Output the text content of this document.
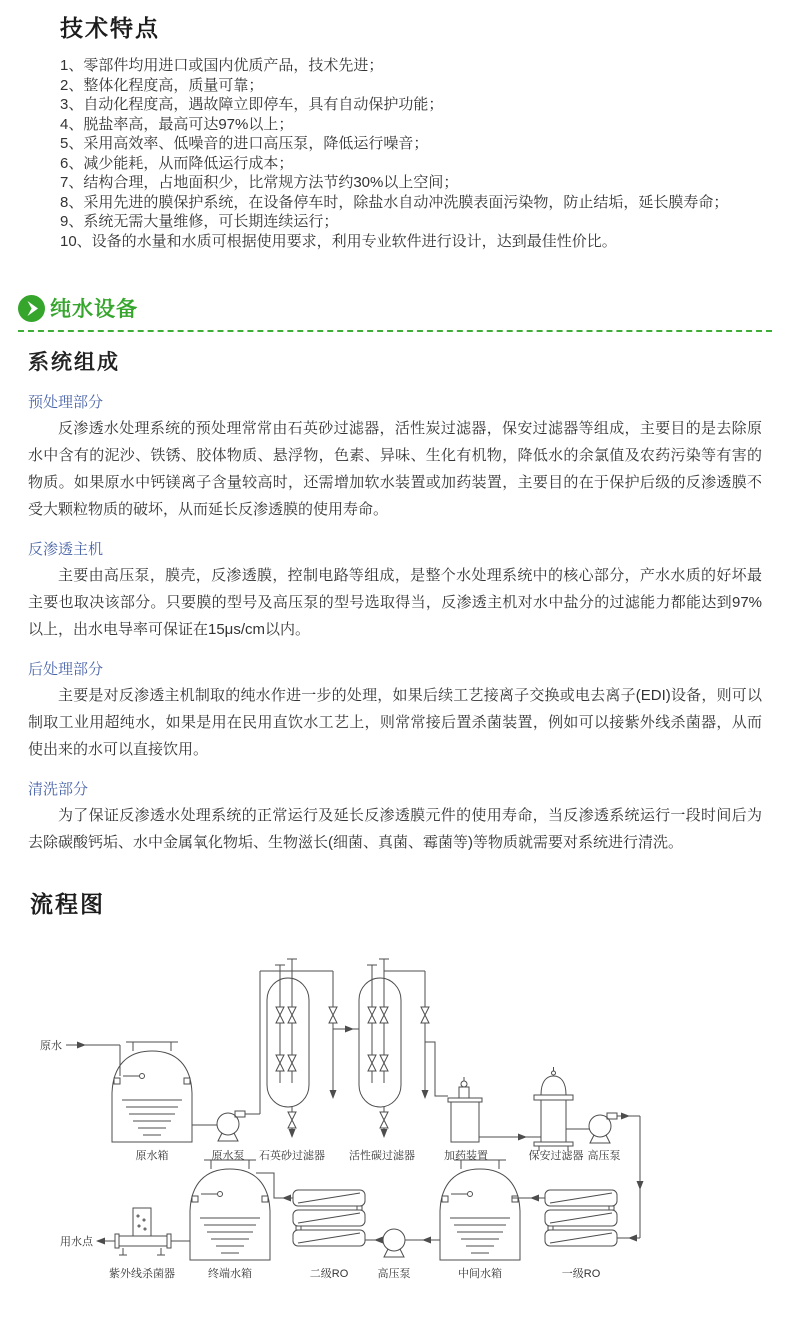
技术特点
1、零部件均用进口或国内优质产品，技术先进；
2、整体化程度高，质量可靠；
3、自动化程度高，遇故障立即停车，具有自动保护功能；
4、脱盐率高，最高可达97%以上；
5、采用高效率、低噪音的进口高压泵，降低运行噪音；
6、减少能耗，从而降低运行成本；
7、结构合理，占地面积少，比常规方法节约30%以上空间；
8、采用先进的膜保护系统，在设备停车时，除盐水自动冲洗膜表面污染物，防止结垢，延长膜寿命；
9、系统无需大量维修，可长期连续运行；
10、设备的水量和水质可根据使用要求，利用专业软件进行设计，达到最佳性价比。
纯水设备
系统组成
预处理部分

反渗透水处理系统的预处理常常由石英砂过滤器，活性炭过滤器，保安过滤器等组成，主要目的是去除原水中含有的泥沙、铁锈、胶体物质、悬浮物，色素、异味、生化有机物，降低水的余氯值及农药污染等有害的物质。如果原水中钙镁离子含量较高时，还需增加软水装置或加药装置，主要目的在于保护后级的反渗透膜不受大颗粒物质的破坏，从而延长反渗透膜的使用寿命。

反渗透主机

主要由高压泵，膜壳，反渗透膜，控制电路等组成，是整个水处理系统中的核心部分，产水水质的好坏最主要也取决该部分。只要膜的型号及高压泵的型号选取得当，反渗透主机对水中盐分的过滤能力都能达到97%以上，出水电导率可保证在15μs/cm以内。

后处理部分

主要是对反渗透主机制取的纯水作进一步的处理，如果后续工艺接离子交换或电去离子(EDI)设备，则可以制取工业用超纯水，如果是用在民用直饮水工艺上，则常常接后置杀菌装置，例如可以接紫外线杀菌器，从而使出来的水可以直接饮用。

清洗部分

为了保证反渗透水处理系统的正常运行及延长反渗透膜元件的使用寿命，当反渗透系统运行一段时间后为去除碳酸钙垢、水中金属氧化物垢、生物滋长(细菌、真菌、霉菌等)等物质就需要对系统进行清洗。

流程图
原水
原水箱	原水泵 石英砂过滤器 活性碳过滤器	加药装置	保安过滤器 高压泵
一级RO
中间水箱
高压泵
二级RO
终端水箱
紫外线杀菌器
用水点
